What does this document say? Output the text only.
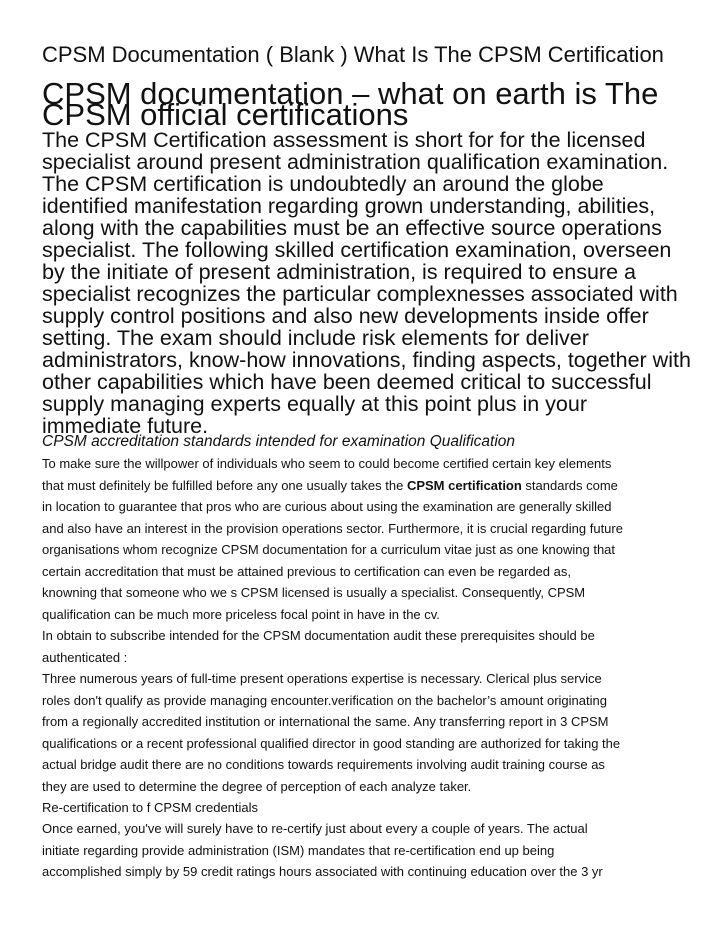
CPSM Documentation ( Blank ) What Is The CPSM Certification
CPSM documentation – what on earth is The CPSM official certifications

The CPSM Certification assessment is short for for the licensed specialist around present administration qualification examination. The CPSM certification is undoubtedly an around the globe identified manifestation regarding grown understanding, abilities, along with the capabilities must be an effective source operations specialist. The following skilled certification examination, overseen by the initiate of present administration, is required to ensure a specialist recognizes the particular complexnesses associated with supply control positions and also new developments inside offer setting. The exam should include risk elements for deliver administrators, know-how innovations, finding aspects, together with other capabilities which have been deemed critical to successful supply managing experts equally at this point plus in your immediate future.

CPSM accreditation standards intended for examination Qualification
To make sure the willpower of individuals who seem to could become certified certain key elements
that must definitely be fulfilled before any one usually takes the CPSM certification standards come
in location to guarantee that pros who are curious about using the examination are generally skilled
and also have an interest in the provision operations sector. Furthermore, it is crucial regarding future
organisations whom recognize CPSM documentation for a curriculum vitae just as one knowing that
certain accreditation that must be attained previous to certification can even be regarded as,
knowning that someone who we s CPSM licensed is usually a specialist. Consequently, CPSM
qualification can be much more priceless focal point in have in the cv.
In obtain to subscribe intended for the CPSM documentation audit these prerequisites should be
authenticated :
Three numerous years of full-time present operations expertise is necessary. Clerical plus service
roles don't qualify as provide managing encounter.verification on the bachelor’s amount originating
from a regionally accredited institution or international the same. Any transferring report in 3 CPSM
qualifications or a recent professional qualified director in good standing are authorized for taking the
actual bridge audit there are no conditions towards requirements involving audit training course as
they are used to determine the degree of perception of each analyze taker.
Re-certification to f CPSM credentials
Once earned, you've will surely have to re-certify just about every a couple of years. The actual
initiate regarding provide administration (ISM) mandates that re-certification end up being
accomplished simply by 59 credit ratings hours associated with continuing education over the 3 yr
